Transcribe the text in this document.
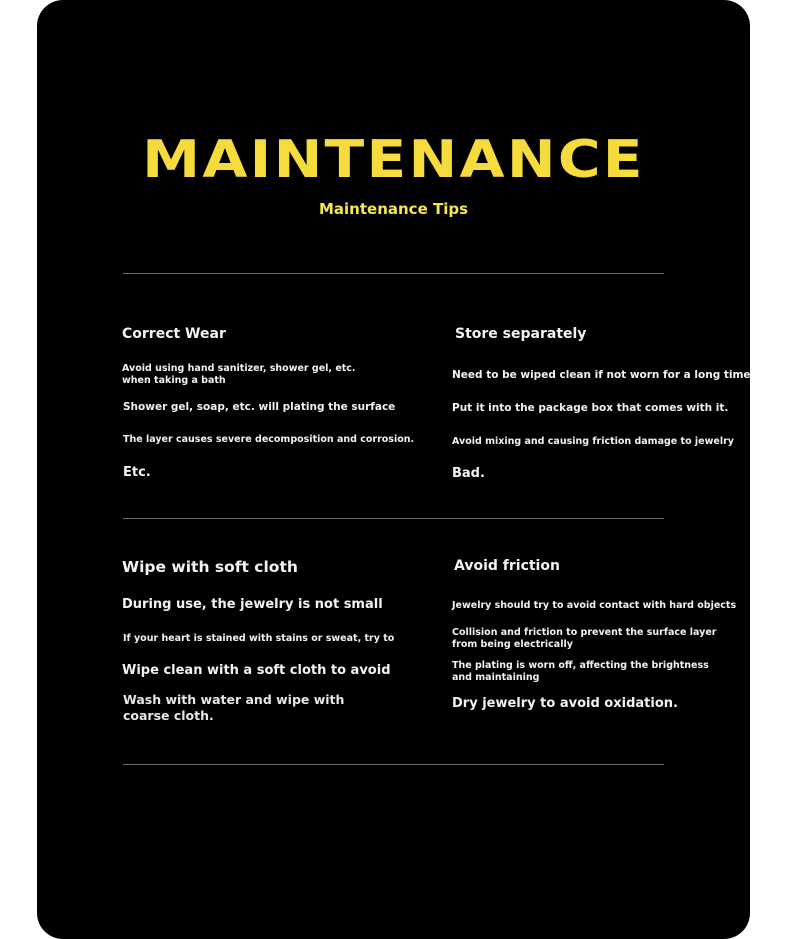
MAINTENANCE
Maintenance Tips
Correct Wear
Avoid using hand sanitizer, shower gel, etc. when taking a bath
Shower gel, soap, etc. will plating the surface
The layer causes severe decomposition and corrosion.
Etc.
Store separately
Need to be wiped clean if not worn for a long time
Put it into the package box that comes with it.
Avoid mixing and causing friction damage to jewelry
Bad.
Wipe with soft cloth
During use, the jewelry is not small
If your heart is stained with stains or sweat, try to
Wipe clean with a soft cloth to avoid
Wash with water and wipe with coarse cloth.
Avoid friction
Jewelry should try to avoid contact with hard objects
Collision and friction to prevent the surface layer from being electrically
The plating is worn off, affecting the brightness and maintaining
Dry jewelry to avoid oxidation.
